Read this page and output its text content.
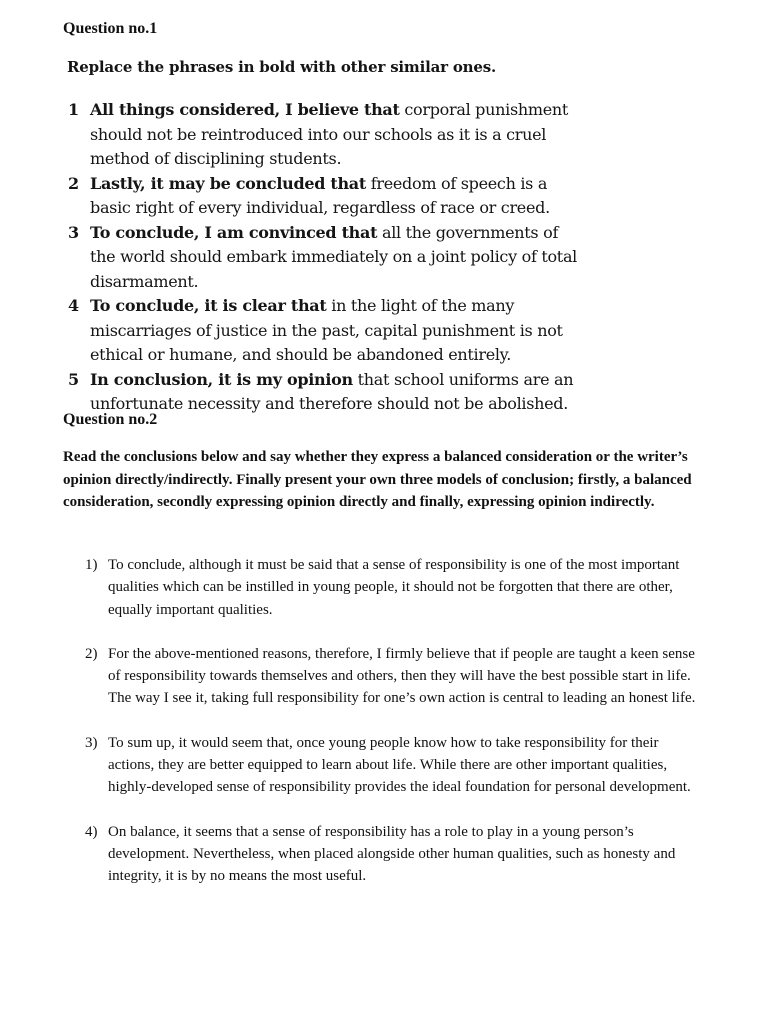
Question no.1

Replace the phrases in bold with other similar ones.

1 All things considered, I believe that corporal punishment should not be reintroduced into our schools as it is a cruel method of disciplining students.
2 Lastly, it may be concluded that freedom of speech is a basic right of every individual, regardless of race or creed.
3 To conclude, I am convinced that all the governments of the world should embark immediately on a joint policy of total disarmament.
4 To conclude, it is clear that in the light of the many miscarriages of justice in the past, capital punishment is not ethical or humane, and should be abandoned entirely.
5 In conclusion, it is my opinion that school uniforms are an unfortunate necessity and therefore should not be abolished.
Question no.2

Read the conclusions below and say whether they express a balanced consideration or the writer’s opinion directly/indirectly. Finally present your own three models of conclusion; firstly, a balanced consideration, secondly expressing opinion directly and finally, expressing opinion indirectly.

1) To conclude, although it must be said that a sense of responsibility is one of the most important qualities which can be instilled in young people, it should not be forgotten that there are other, equally important qualities.
2) For the above-mentioned reasons, therefore, I firmly believe that if people are taught a keen sense of responsibility towards themselves and others, then they will have the best possible start in life. The way I see it, taking full responsibility for one’s own action is central to leading an honest life.
3) To sum up, it would seem that, once young people know how to take responsibility for their actions, they are better equipped to learn about life. While there are other important qualities, highly-developed sense of responsibility provides the ideal foundation for personal development.
4) On balance, it seems that a sense of responsibility has a role to play in a young person’s development. Nevertheless, when placed alongside other human qualities, such as honesty and integrity, it is by no means the most useful.
